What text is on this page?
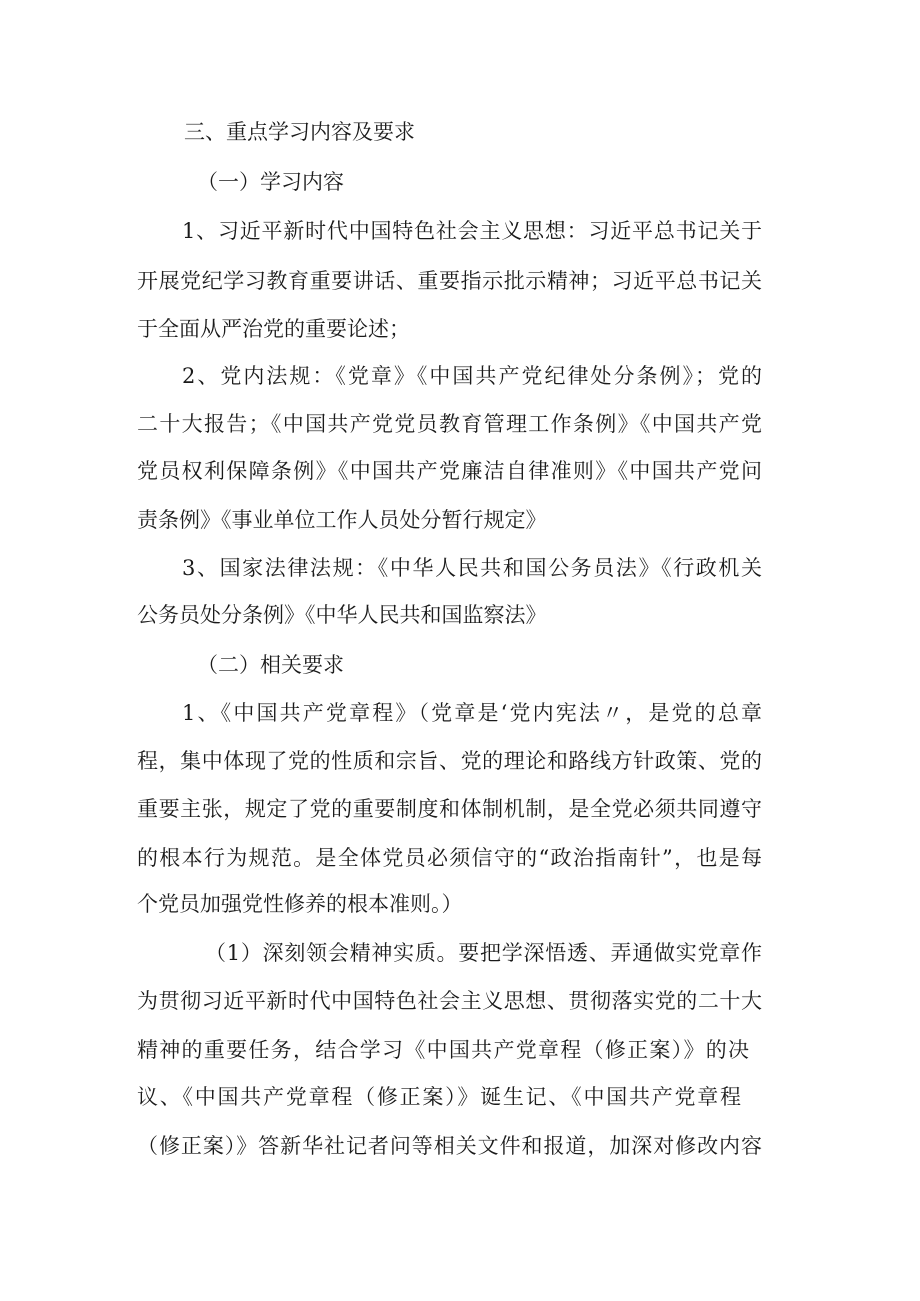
三、重点学习内容及要求
（一）学习内容
1、习近平新时代中国特色社会主义思想：习近平总书记关于
开展党纪学习教育重要讲话、重要指示批示精神；习近平总书记关
于全面从严治党的重要论述；
2、党内法规：《党章》《中国共产党纪律处分条例》；党的
二十大报告；《中国共产党党员教育管理工作条例》《中国共产党
党员权利保障条例》《中国共产党廉洁自律准则》《中国共产党问
责条例》《事业单位工作人员处分暂行规定》
3、国家法律法规：《中华人民共和国公务员法》《行政机关
公务员处分条例》《中华人民共和国监察法》
（二）相关要求
1、《中国共产党章程》（党章是‘党内宪法〃，是党的总章
程，集中体现了党的性质和宗旨、党的理论和路线方针政策、党的
重要主张，规定了党的重要制度和体制机制，是全党必须共同遵守
的根本行为规范。是全体党员必须信守的“政治指南针”，也是每
个党员加强党性修养的根本准则。）
（1）深刻领会精神实质。要把学深悟透、弄通做实党章作
为贯彻习近平新时代中国特色社会主义思想、贯彻落实党的二十大
精神的重要任务，结合学习《中国共产党章程（修正案）》的决
议、《中国共产党章程（修正案）》诞生记、《中国共产党章程
（修正案）》答新华社记者问等相关文件和报道，加深对修改内容
